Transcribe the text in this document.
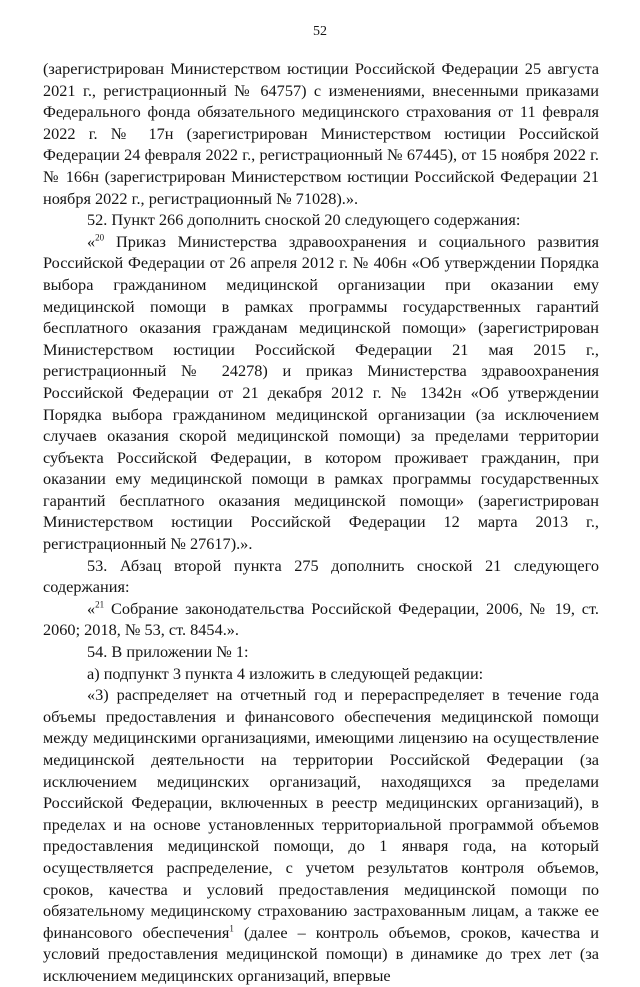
52

(зарегистрирован Министерством юстиции Российской Федерации 25 августа 2021 г., регистрационный № 64757) с изменениями, внесенными приказами Федерального фонда обязательного медицинского страхования от 11 февраля 2022 г. № 17н (зарегистрирован Министерством юстиции Российской Федерации 24 февраля 2022 г., регистрационный № 67445), от 15 ноября 2022 г. № 166н (зарегистрирован Министерством юстиции Российской Федерации 21 ноября 2022 г., регистрационный № 71028).».

52. Пункт 266 дополнить сноской 20 следующего содержания:

«$^{20}$ Приказ Министерства здравоохранения и социального развития Российской Федерации от 26 апреля 2012 г. № 406н «Об утверждении Порядка выбора гражданином медицинской организации при оказании ему медицинской помощи в рамках программы государственных гарантий бесплатного оказания гражданам медицинской помощи» (зарегистрирован Министерством юстиции Российской Федерации 21 мая 2015 г., регистрационный № 24278) и приказ Министерства здравоохранения Российской Федерации от 21 декабря 2012 г. № 1342н «Об утверждении Порядка выбора гражданином медицинской организации (за исключением случаев оказания скорой медицинской помощи) за пределами территории субъекта Российской Федерации, в котором проживает гражданин, при оказании ему медицинской помощи в рамках программы государственных гарантий бесплатного оказания медицинской помощи» (зарегистрирован Министерством юстиции Российской Федерации 12 марта 2013 г., регистрационный № 27617).».

53. Абзац второй пункта 275 дополнить сноской 21 следующего содержания:

«$^{21}$ Собрание законодательства Российской Федерации, 2006, № 19, ст. 2060; 2018, № 53, ст. 8454.».

54. В приложении № 1:

а) подпункт 3 пункта 4 изложить в следующей редакции:

«3) распределяет на отчетный год и перераспределяет в течение года объемы предоставления и финансового обеспечения медицинской помощи между медицинскими организациями, имеющими лицензию на осуществление медицинской деятельности на территории Российской Федерации (за исключением медицинских организаций, находящихся за пределами Российской Федерации, включенных в реестр медицинских организаций), в пределах и на основе установленных территориальной программой объемов предоставления медицинской помощи, до 1 января года, на который осуществляется распределение, с учетом результатов контроля объемов, сроков, качества и условий предоставления медицинской помощи по обязательному медицинскому страхованию застрахованным лицам, а также ее финансового обеспечения$^1$ (далее – контроль объемов, сроков, качества и условий предоставления медицинской помощи) в динамике до трех лет (за исключением медицинских организаций, впервые
